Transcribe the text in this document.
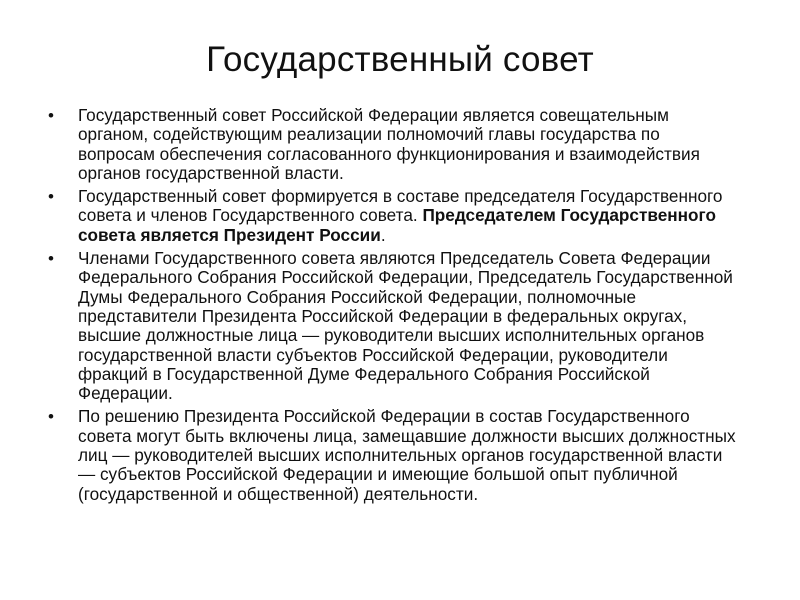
Государственный совет
•	Государственный совет Российской Федерации является совещательным органом, содействующим реализации полномочий главы государства по вопросам обеспечения согласованного функционирования и взаимодействия органов государственной власти.
•	Государственный совет формируется в составе председателя Государственного совета и членов Государственного совета. Председателем Государственного совета является Президент России.
•	Членами Государственного совета являются Председатель Совета Федерации Федерального Собрания Российской Федерации, Председатель Государственной Думы Федерального Собрания Российской Федерации, полномочные представители Президента Российской Федерации в федеральных округах, высшие должностные лица — руководители высших исполнительных органов государственной власти субъектов Российской Федерации, руководители фракций в Государственной Думе Федерального Собрания Российской Федерации.
•	По решению Президента Российской Федерации в состав Государственного совета могут быть включены лица, замещавшие должности высших должностных лиц — руководителей высших исполнительных органов государственной власти — субъектов Российской Федерации и имеющие большой опыт публичной (государственной и общественной) деятельности.
